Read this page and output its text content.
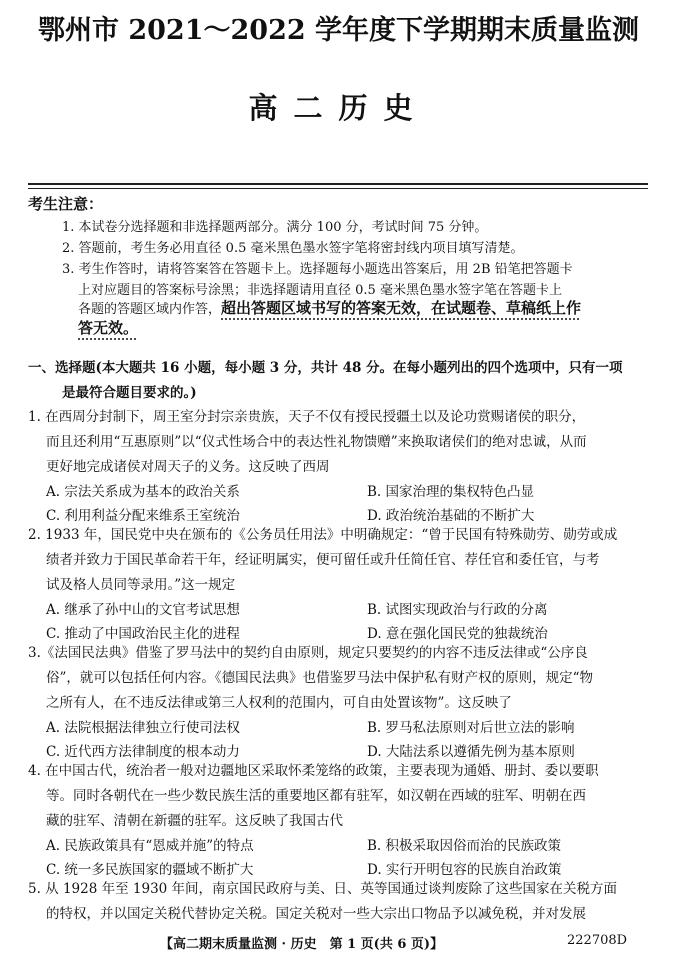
鄂州市 2021～2022 学年度下学期期末质量监测
高二历史
考生注意：
1. 本试卷分选择题和非选择题两部分。满分 100 分，考试时间 75 分钟。
2. 答题前，考生务必用直径 0.5 毫米黑色墨水签字笔将密封线内项目填写清楚。
3. 考生作答时，请将答案答在答题卡上。选择题每小题选出答案后，用 2B 铅笔把答题卡
上对应题目的答案标号涂黑；非选择题请用直径 0.5 毫米黑色墨水签字笔在答题卡上
各题的答题区域内作答，超出答题区域书写的答案无效，在试题卷、草稿纸上作
答无效。
一、选择题(本大题共 16 小题，每小题 3 分，共计 48 分。在每小题列出的四个选项中，只有一项
是最符合题目要求的。)
1. 在西周分封制下，周王室分封宗亲贵族，天子不仅有授民授疆土以及论功赏赐诸侯的职分，
而且还利用“互惠原则”以“仪式性场合中的表达性礼物馈赠”来换取诸侯们的绝对忠诚，从而
更好地完成诸侯对周天子的义务。这反映了西周
A. 宗法关系成为基本的政治关系	B. 国家治理的集权特色凸显
C. 利用利益分配来维系王室统治	D. 政治统治基础的不断扩大
2. 1933 年，国民党中央在颁布的《公务员任用法》中明确规定：“曾于民国有特殊勋劳、勋劳或成
绩者并致力于国民革命若干年，经证明属实，便可留任或升任简任官、荐任官和委任官，与考
试及格人员同等录用。”这一规定
A. 继承了孙中山的文官考试思想	B. 试图实现政治与行政的分离
C. 推动了中国政治民主化的进程	D. 意在强化国民党的独裁统治
3.《法国民法典》借鉴了罗马法中的契约自由原则，规定只要契约的内容不违反法律或“公序良
俗”，就可以包括任何内容。《德国民法典》也借鉴罗马法中保护私有财产权的原则，规定“物
之所有人，在不违反法律或第三人权利的范围内，可自由处置该物”。这反映了
A. 法院根据法律独立行使司法权	B. 罗马私法原则对后世立法的影响
C. 近代西方法律制度的根本动力	D. 大陆法系以遵循先例为基本原则
4. 在中国古代，统治者一般对边疆地区采取怀柔笼络的政策，主要表现为通婚、册封、委以要职
等。同时各朝代在一些少数民族生活的重要地区都有驻军，如汉朝在西域的驻军、明朝在西
藏的驻军、清朝在新疆的驻军。这反映了我国古代
A. 民族政策具有“恩威并施”的特点	B. 积极采取因俗而治的民族政策
C. 统一多民族国家的疆域不断扩大	D. 实行开明包容的民族自治政策
5. 从 1928 年至 1930 年间，南京国民政府与美、日、英等国通过谈判废除了这些国家在关税方面
的特权，并以国定关税代替协定关税。国定关税对一些大宗出口物品予以减免税，并对发展
【高二期末质量监测 · 历史　第 1 页(共 6 页)】	222708D
